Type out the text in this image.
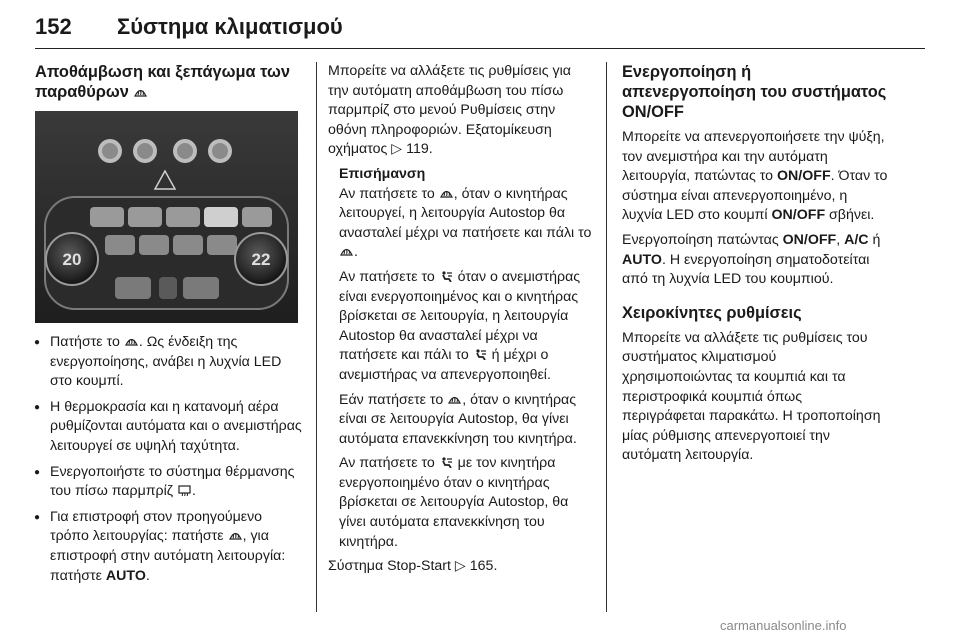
152 Σύστημα κλιματισμού
Αποθάμβωση και ξεπάγωμα των παραθύρων
20	22
● Πατήστε το
. Ως ένδειξη της ενεργοποίησης, ανάβει η λυχνία LED στο κουμπί.
● Η θερμοκρασία και η κατανομή αέρα ρυθμίζονται αυτόματα και ο ανεμιστήρας λειτουργεί σε υψηλή ταχύτητα.
● Ενεργοποιήστε το σύστημα θέρμανσης του πίσω παρμπρίζ
.
● Για επιστροφή στον προηγούμενο τρόπο λειτουργίας: πατήστε
, για επιστροφή στην αυτόματη λειτουργία: πατήστε AUTO.

Μπορείτε να αλλάξετε τις ρυθμίσεις για την αυτόματη αποθάμβωση του πίσω παρμπρίζ στο μενού Ρυθμίσεις στην οθόνη πληροφοριών. Εξατομίκευση οχήματος ▷ 119.

Επισήμανση

Αν πατήσετε το
, όταν ο κινητήρας λειτουργεί, η λειτουργία Autostop θα ανασταλεί μέχρι να πατήσετε και πάλι το
.

Αν πατήσετε το
όταν ο ανεμιστήρας είναι ενεργοποιημένος και ο κινητήρας βρίσκεται σε λειτουργία, η λειτουργία Autostop θα ανασταλεί μέχρι να πατήσετε και πάλι το
ή μέχρι ο ανεμιστήρας να απενεργοποιηθεί.

Εάν πατήσετε το
, όταν ο κινητήρας είναι σε λειτουργία Autostop, θα γίνει αυτόματα επανεκκίνηση του κινητήρα.

Αν πατήσετε το
με τον κινητήρα ενεργοποιημένο όταν ο κινητήρας βρίσκεται σε λειτουργία Autostop, θα γίνει αυτόματα επανεκκίνηση του κινητήρα.

Σύστημα Stop-Start ▷ 165.

Ενεργοποίηση ή απενεργοποίηση του συστήματος ON/OFF

Μπορείτε να απενεργοποιήσετε την ψύξη, τον ανεμιστήρα και την αυτόματη λειτουργία, πατώντας το ON/OFF. Όταν το σύστημα είναι απενεργοποιημένο, η λυχνία LED στο κουμπί ON/OFF σβήνει.

Ενεργοποίηση πατώντας ON/OFF, A/C ή AUTO. Η ενεργοποίηση σηματοδοτείται από τη λυχνία LED του κουμπιού.

Χειροκίνητες ρυθμίσεις

Μπορείτε να αλλάξετε τις ρυθμίσεις του συστήματος κλιματισμού χρησιμοποιώντας τα κουμπιά και τα περιστροφικά κουμπιά όπως περιγράφεται παρακάτω. Η τροποποίηση μίας ρύθμισης απενεργοποιεί την αυτόματη λειτουργία.

carmanualsonline.info
